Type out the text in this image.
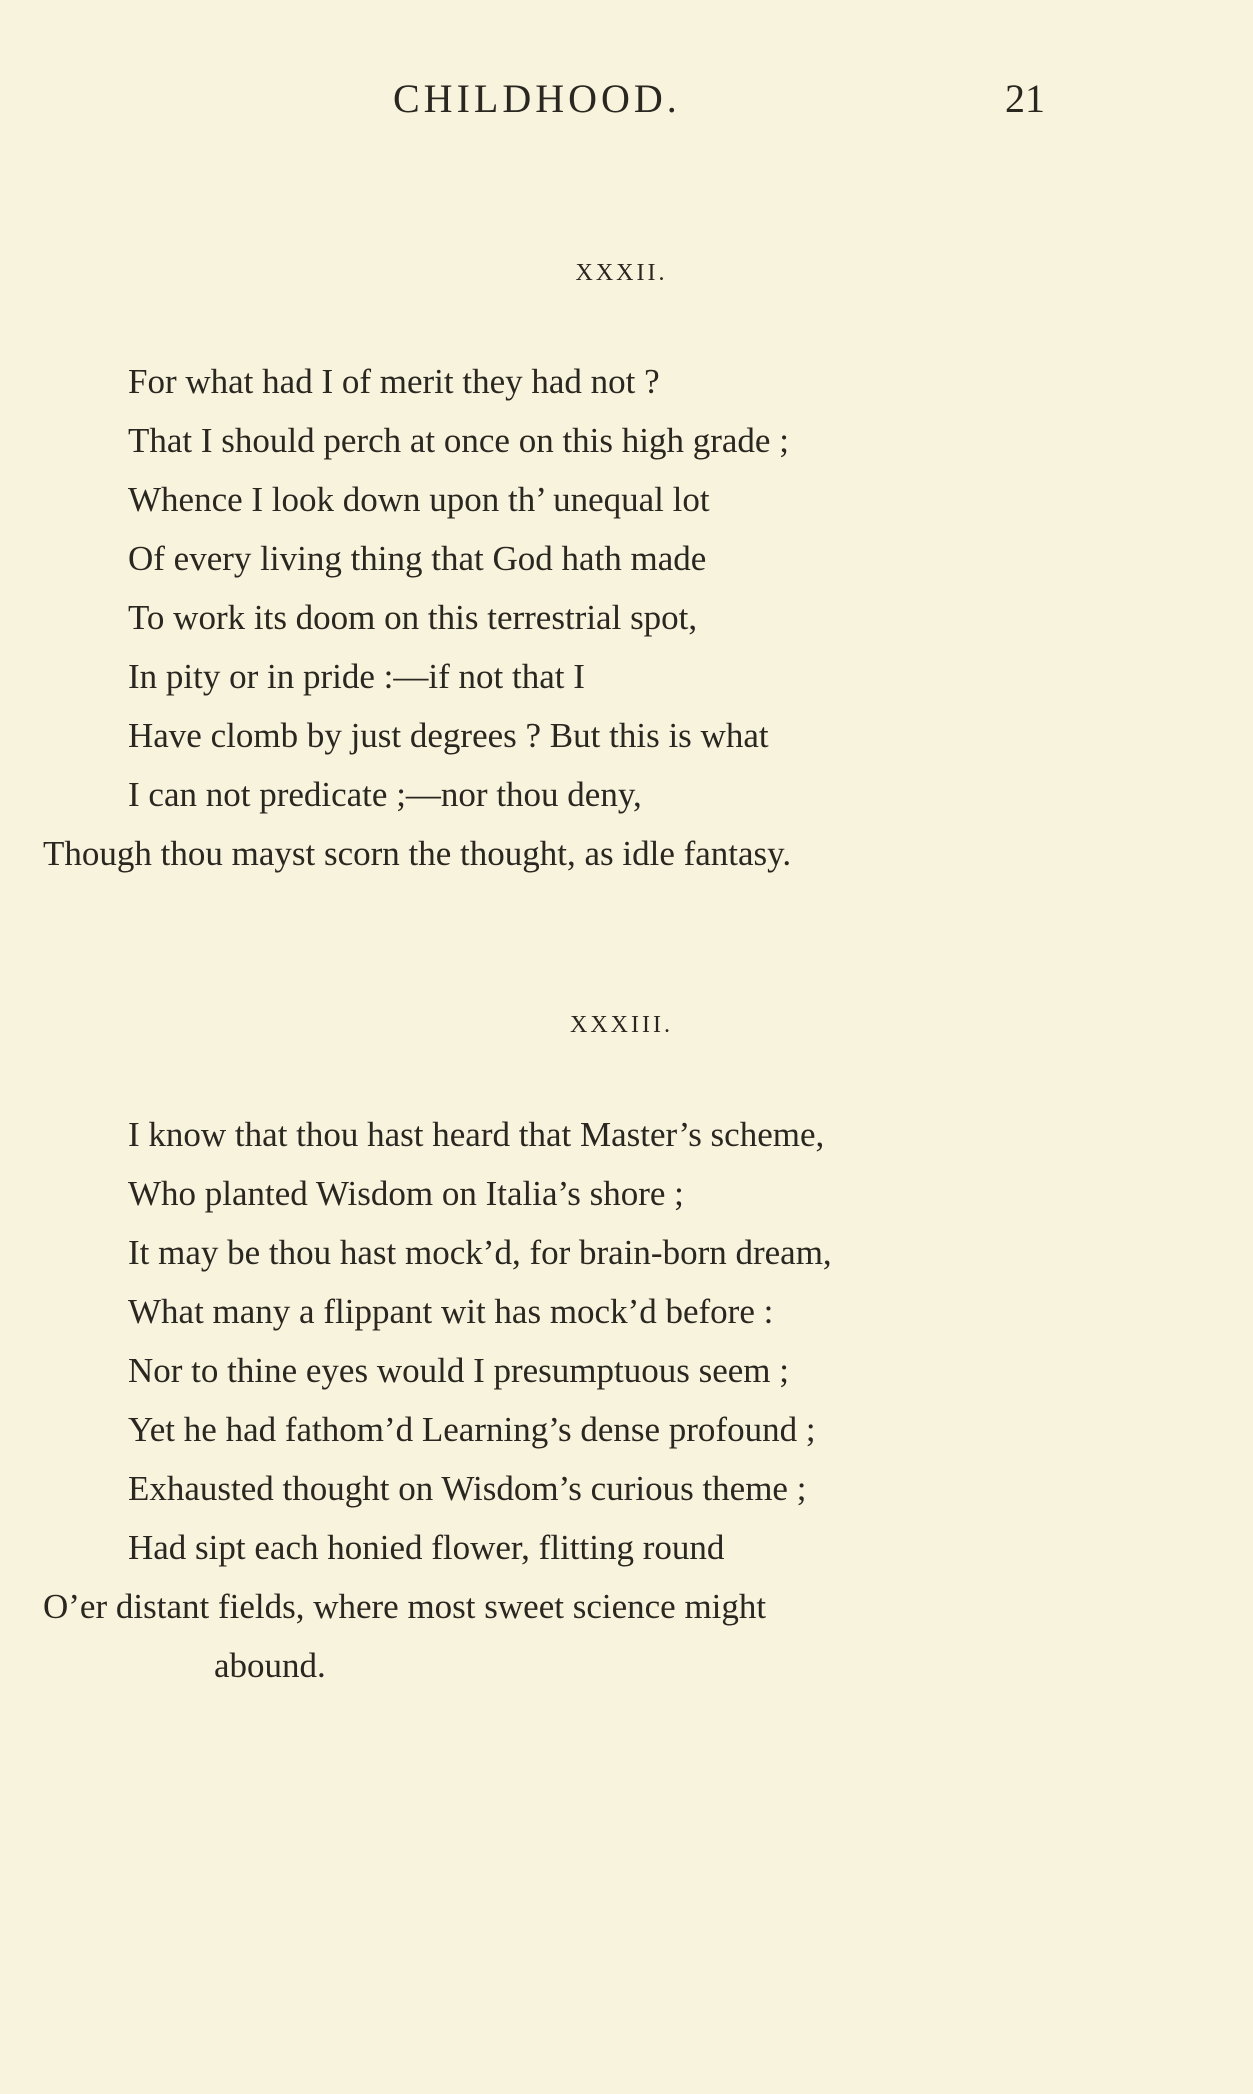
CHILDHOOD.	21
XXXII.
For what had I of merit they had not ?
That I should perch at once on this high grade ;
Whence I look down upon th’ unequal lot
Of every living thing that God hath made
To work its doom on this terrestrial spot,
In pity or in pride :—if not that I
Have clomb by just degrees ? But this is what
I can not predicate ;—nor thou deny,
Though thou mayst scorn the thought, as idle fantasy.
XXXIII.
I know that thou hast heard that Master’s scheme,
Who planted Wisdom on Italia’s shore ;
It may be thou hast mock’d, for brain-born dream,
What many a flippant wit has mock’d before :
Nor to thine eyes would I presumptuous seem ;
Yet he had fathom’d Learning’s dense profound ;
Exhausted thought on Wisdom’s curious theme ;
Had sipt each honied flower, flitting round
O’er distant fields, where most sweet science might
abound.
